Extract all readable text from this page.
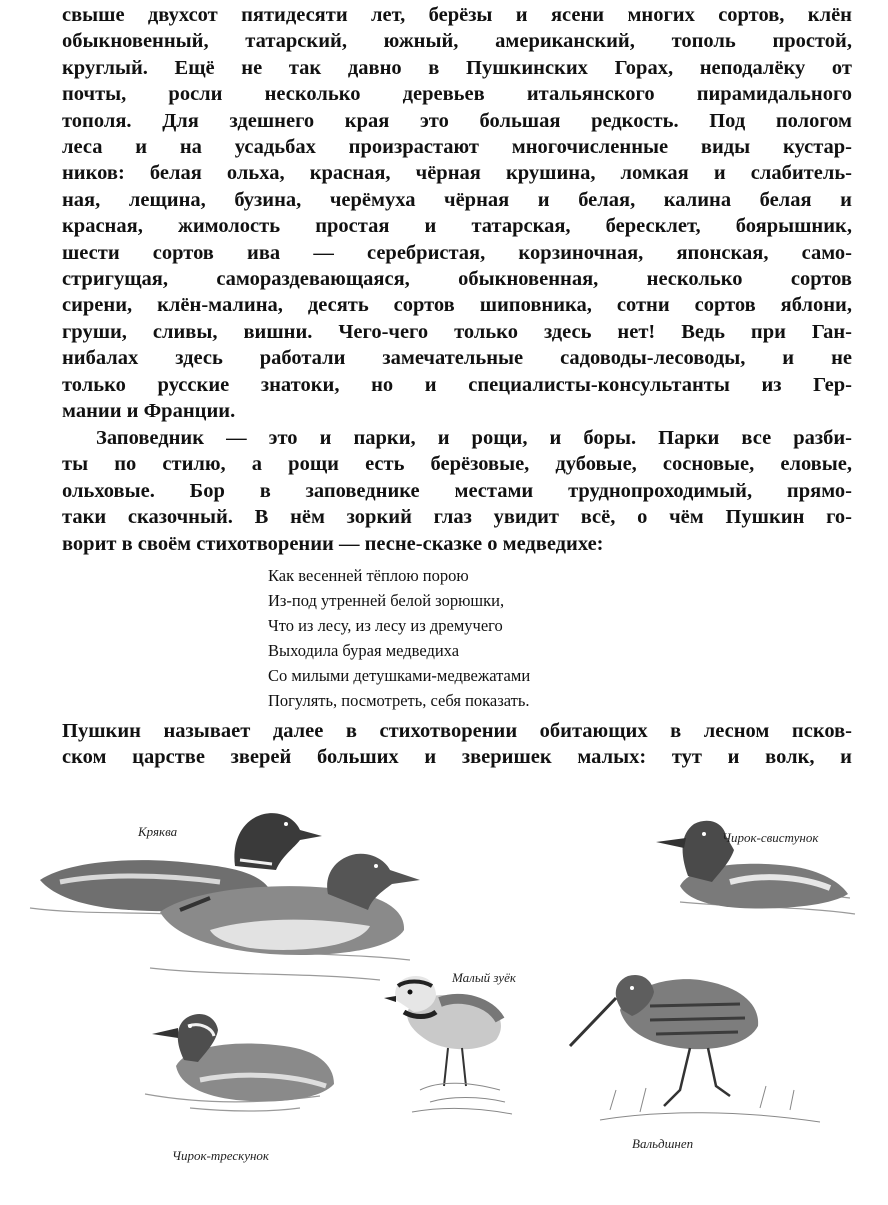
свыше двухсот пятидесяти лет, берёзы и ясени многих сортов, клён
обыкновенный, татарский, южный, американский, тополь простой,
круглый. Ещё не так давно в Пушкинских Горах, неподалёку от
почты, росли несколько деревьев итальянского пирамидального
тополя. Для здешнего края это большая редкость. Под пологом
леса и на усадьбах произрастают многочисленные виды кустар-
ников: белая ольха, красная, чёрная крушина, ломкая и слабитель-
ная, лещина, бузина, черёмуха чёрная и белая, калина белая и
красная, жимолость простая и татарская, бересклет, боярышник,
шести сортов ива — серебристая, корзиночная, японская, само-
стригущая, самораздевающаяся, обыкновенная, несколько сортов
сирени, клён-малина, десять сортов шиповника, сотни сортов яблони,
груши, сливы, вишни. Чего-чего только здесь нет! Ведь при Ган-
нибалах здесь работали замечательные садоводы-лесоводы, и не
только русские знатоки, но и специалисты-консультанты из Гер-
мании и Франции.
Заповедник — это и парки, и рощи, и боры. Парки все разби-
ты по стилю, а рощи есть берёзовые, дубовые, сосновые, еловые,
ольховые. Бор в заповеднике местами труднопроходимый, прямо-
таки сказочный. В нём зоркий глаз увидит всё, о чём Пушкин го-
ворит в своём стихотворении — песне-сказке о медведихе:
Как весенней тёплою порою
Из-под утренней белой зорюшки,
Что из лесу, из лесу из дремучего
Выходила бурая медведиха
Со милыми детушками-медвежатами
Погулять, посмотреть, себя показать.
Пушкин называет далее в стихотворении обитающих в лесном псков-
ском царстве зверей больших и зверишек малых: тут и волк, и
Кряква	Чирок-свистунок
Малый зуёк
Чирок-трескунок
Вальдшнеп
